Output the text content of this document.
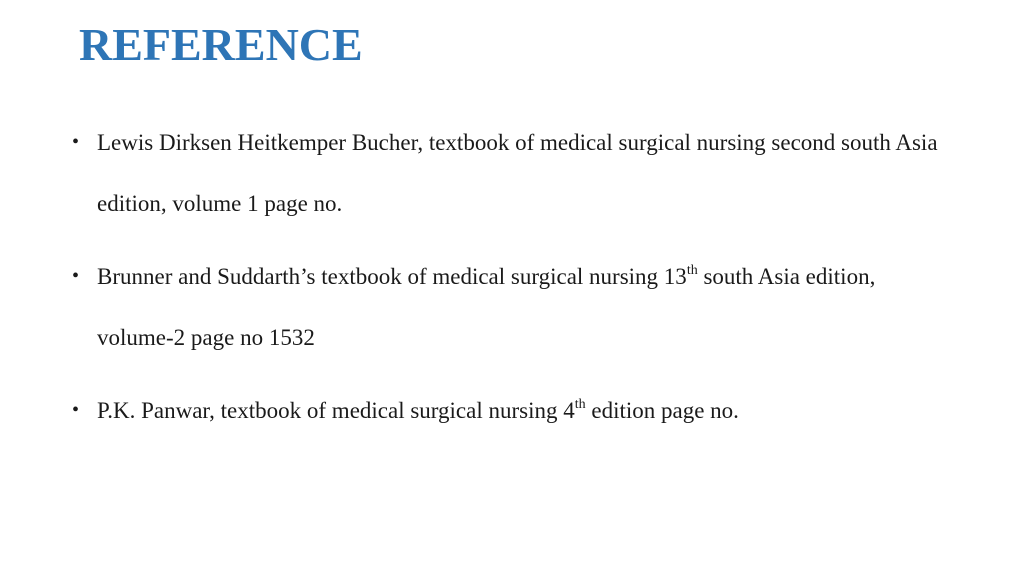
REFERENCE
• Lewis Dirksen Heitkemper Bucher, textbook of medical surgical nursing second south Asia edition, volume 1 page no.
• Brunner and Suddarth’s textbook of medical surgical nursing 13th south Asia edition, volume-2 page no 1532
• P.K. Panwar, textbook of medical surgical nursing 4th edition page no.
